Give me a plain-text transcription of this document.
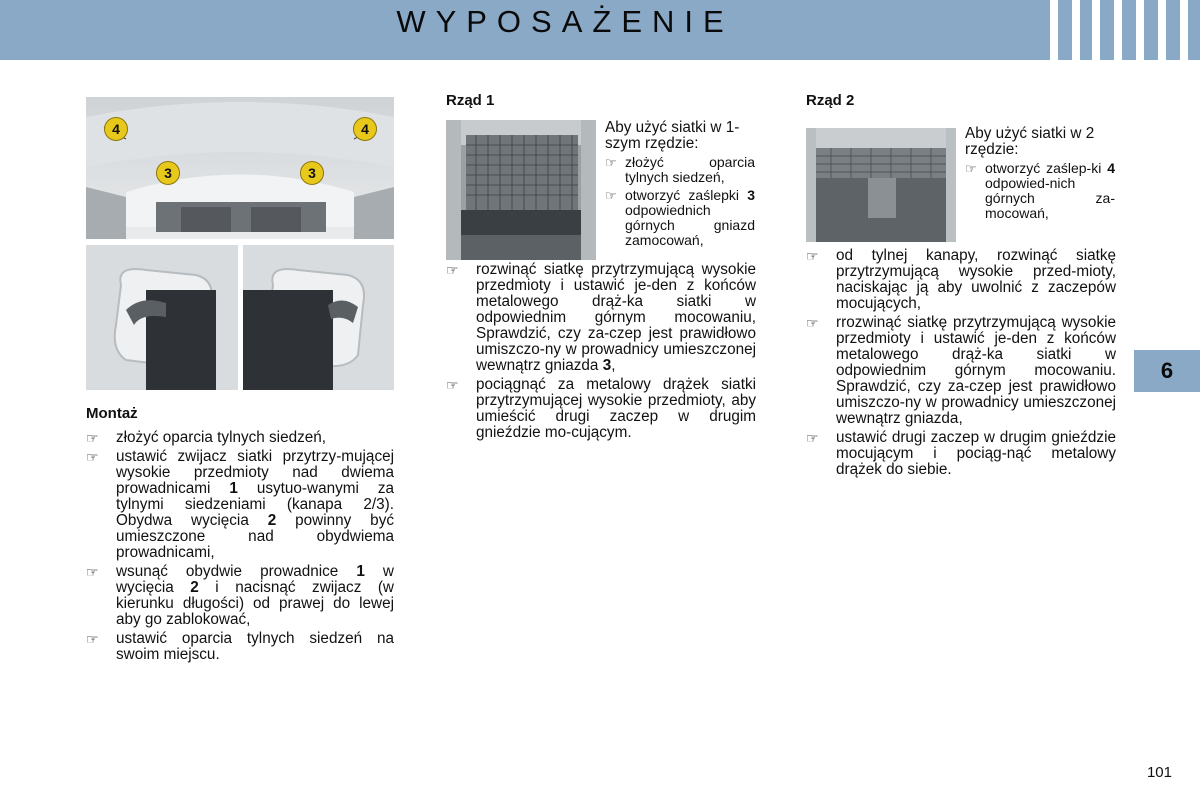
WYPOSAŻENIE
4	4
3	3
Montaż
☞ złożyć oparcia tylnych siedzeń,
☞ ustawić zwijacz siatki przytrzy-mującej wysokie przedmioty nad dwiema prowadnicami 1 usytuo-wanymi za tylnymi siedzeniami (kanapa 2/3). Obydwa wycięcia 2 powinny być umieszczone nad obydwiema prowadnicami,
☞ wsunąć obydwie prowadnice 1 w wycięcia 2 i nacisnąć zwijacz (w kierunku długości) od prawej do lewej aby go zablokować,
☞ ustawić oparcia tylnych siedzeń na swoim miejscu.
Rząd 1
Aby użyć siatki w 1-szym rzędzie:
☞ złożyć oparcia tylnych siedzeń,
☞ otworzyć zaślepki 3 odpowiednich górnych gniazd zamocowań,
☞ rozwinąć siatkę przytrzymującą wysokie przedmioty i ustawić je-den z końców metalowego drąż-ka siatki w odpowiednim górnym mocowaniu, Sprawdzić, czy za-czep jest prawidłowo umiszczo-ny w prowadnicy umieszczonej wewnątrz gniazda 3,
☞ pociągnąć za metalowy drążek siatki przytrzymującej wysokie przedmioty, aby umieścić drugi zaczep w drugim gnieździe mo-cującym.
Rząd 2
Aby użyć siatki w 2 rzędzie:
☞ otworzyć zaślep-ki 4 odpowied-nich górnych za-mocowań,
☞ od tylnej kanapy, rozwinąć siatkę przytrzymującą wysokie przed-mioty, naciskając ją aby uwolnić z zaczepów mocujących,
☞ rrozwinąć siatkę przytrzymującą wysokie przedmioty i ustawić je-den z końców metalowego drąż-ka siatki w odpowiednim górnym mocowaniu. Sprawdzić, czy za-czep jest prawidłowo umiszczo-ny w prowadnicy umieszczonej wewnątrz gniazda,
☞ ustawić drugi zaczep w drugim gnieździe mocującym i pociąg-nąć metalowy drążek do siebie.
6
101
